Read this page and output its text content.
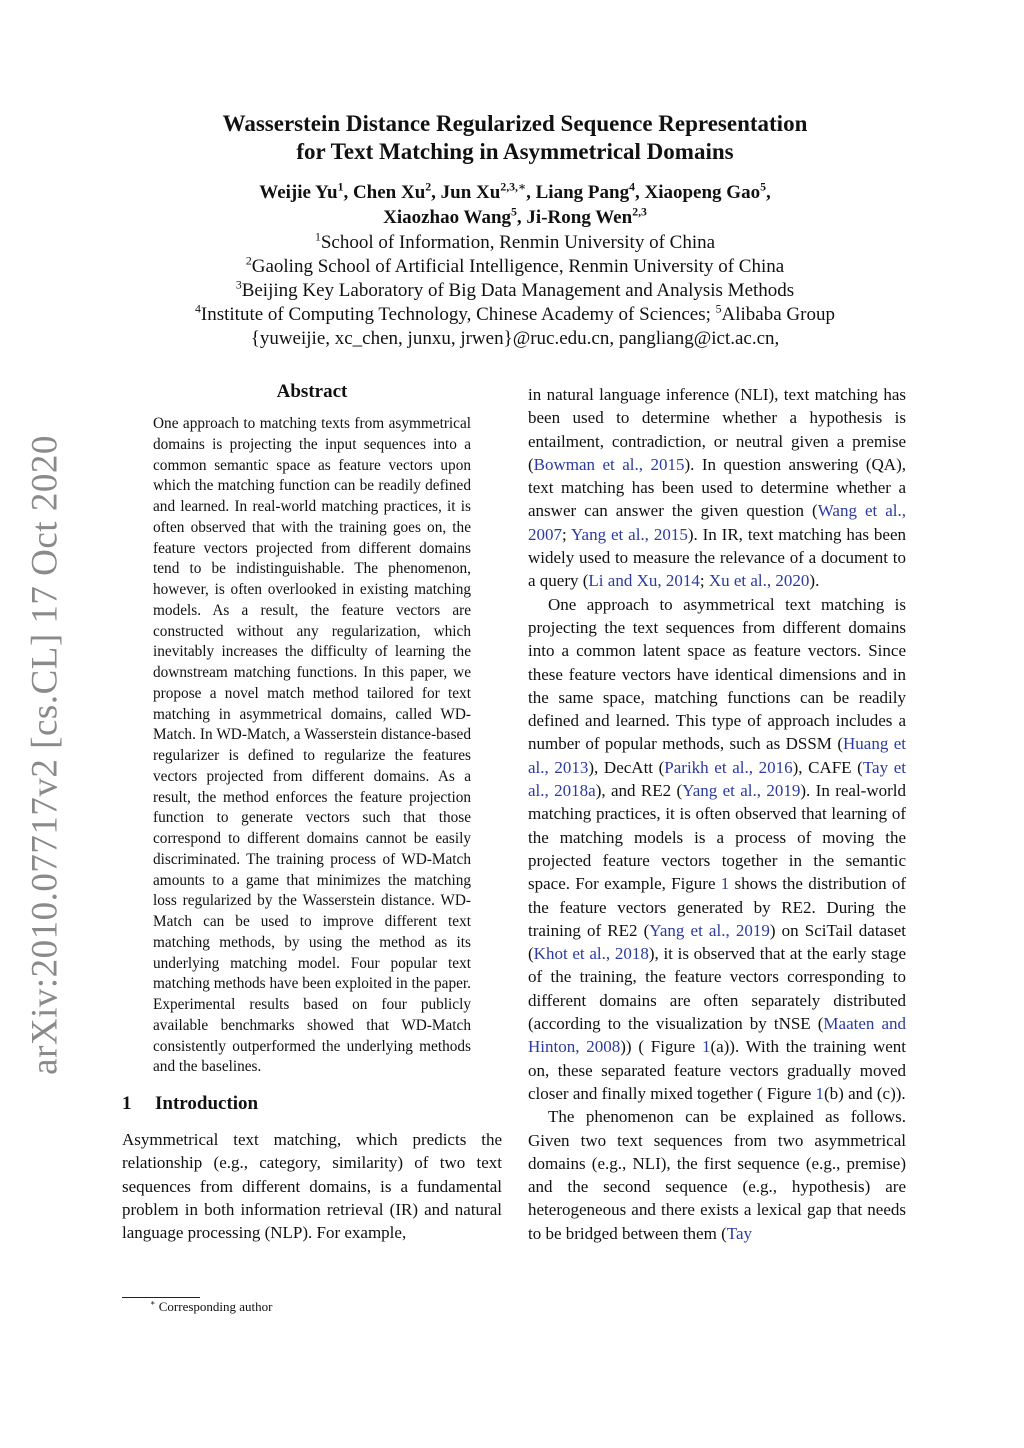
arXiv:2010.07717v2 [cs.CL] 17 Oct 2020
Wasserstein Distance Regularized Sequence Representation
for Text Matching in Asymmetrical Domains
Weijie Yu$^1$, Chen Xu$^2$, Jun $Xu^{2,3,∗}$, Liang Pang$^4$, Xiaopeng Gao$^5$,
Xiaozhao Wang$^5$, Ji-Rong Wen$^{2,3}$
$^1$School of Information, Renmin University of China
$^2$Gaoling School of Artificial Intelligence, Renmin University of China
$^3$Beijing Key Laboratory of Big Data Management and Analysis Methods
$^4$Institute of Computing Technology, Chinese Academy of Sciences; $^5$Alibaba Group
{yuweijie, xc_chen, junxu, jrwen}@ruc.edu.cn, pangliang@ict.ac.cn,
Abstract

One approach to matching texts from asymmetrical domains is projecting the input sequences into a common semantic space as feature vectors upon which the matching function can be readily defined and learned. In real-world matching practices, it is often observed that with the training goes on, the feature vectors projected from different domains tend to be indistinguishable. The phenomenon, however, is often overlooked in existing matching models. As a result, the feature vectors are constructed without any regularization, which inevitably increases the difficulty of learning the downstream matching functions. In this paper, we propose a novel match method tailored for text matching in asymmetrical domains, called WD-Match. In WD-Match, a Wasserstein distance-based regularizer is defined to regularize the features vectors projected from different domains. As a result, the method enforces the feature projection function to generate vectors such that those correspond to different domains cannot be easily discriminated. The training process of WD-Match amounts to a game that minimizes the matching loss regularized by the Wasserstein distance. WD-Match can be used to improve different text matching methods, by using the method as its underlying matching model. Four popular text matching methods have been exploited in the paper. Experimental results based on four publicly available benchmarks showed that WD-Match consistently outperformed the underlying methods and the baselines.

1 Introduction

Asymmetrical text matching, which predicts the relationship (e.g., category, similarity) of two text sequences from different domains, is a fundamental problem in both information retrieval (IR) and natural language processing (NLP). For example,

in natural language inference (NLI), text matching has been used to determine whether a hypothesis is entailment, contradiction, or neutral given a premise (Bowman et al., 2015). In question answering (QA), text matching has been used to determine whether a answer can answer the given question (Wang et al., 2007; Yang et al., 2015). In IR, text matching has been widely used to measure the relevance of a document to a query (Li and Xu, 2014; Xu et al., 2020).

One approach to asymmetrical text matching is projecting the text sequences from different domains into a common latent space as feature vectors. Since these feature vectors have identical dimensions and in the same space, matching functions can be readily defined and learned. This type of approach includes a number of popular methods, such as DSSM (Huang et al., 2013), DecAtt (Parikh et al., 2016), CAFE (Tay et al., 2018a), and RE2 (Yang et al., 2019). In real-world matching practices, it is often observed that learning of the matching models is a process of moving the projected feature vectors together in the semantic space. For example, Figure 1 shows the distribution of the feature vectors generated by RE2. During the training of RE2 (Yang et al., 2019) on SciTail dataset (Khot et al., 2018), it is observed that at the early stage of the training, the feature vectors corresponding to different domains are often separately distributed (according to the visualization by tNSE (Maaten and Hinton, 2008)) ( Figure 1(a)). With the training went on, these separated feature vectors gradually moved closer and finally mixed together ( Figure 1(b) and (c)).

The phenomenon can be explained as follows. Given two text sequences from two asymmetrical domains (e.g., NLI), the first sequence (e.g., premise) and the second sequence (e.g., hypothesis) are heterogeneous and there exists a lexical gap that needs to be bridged between them (Tay

∗ Corresponding author
